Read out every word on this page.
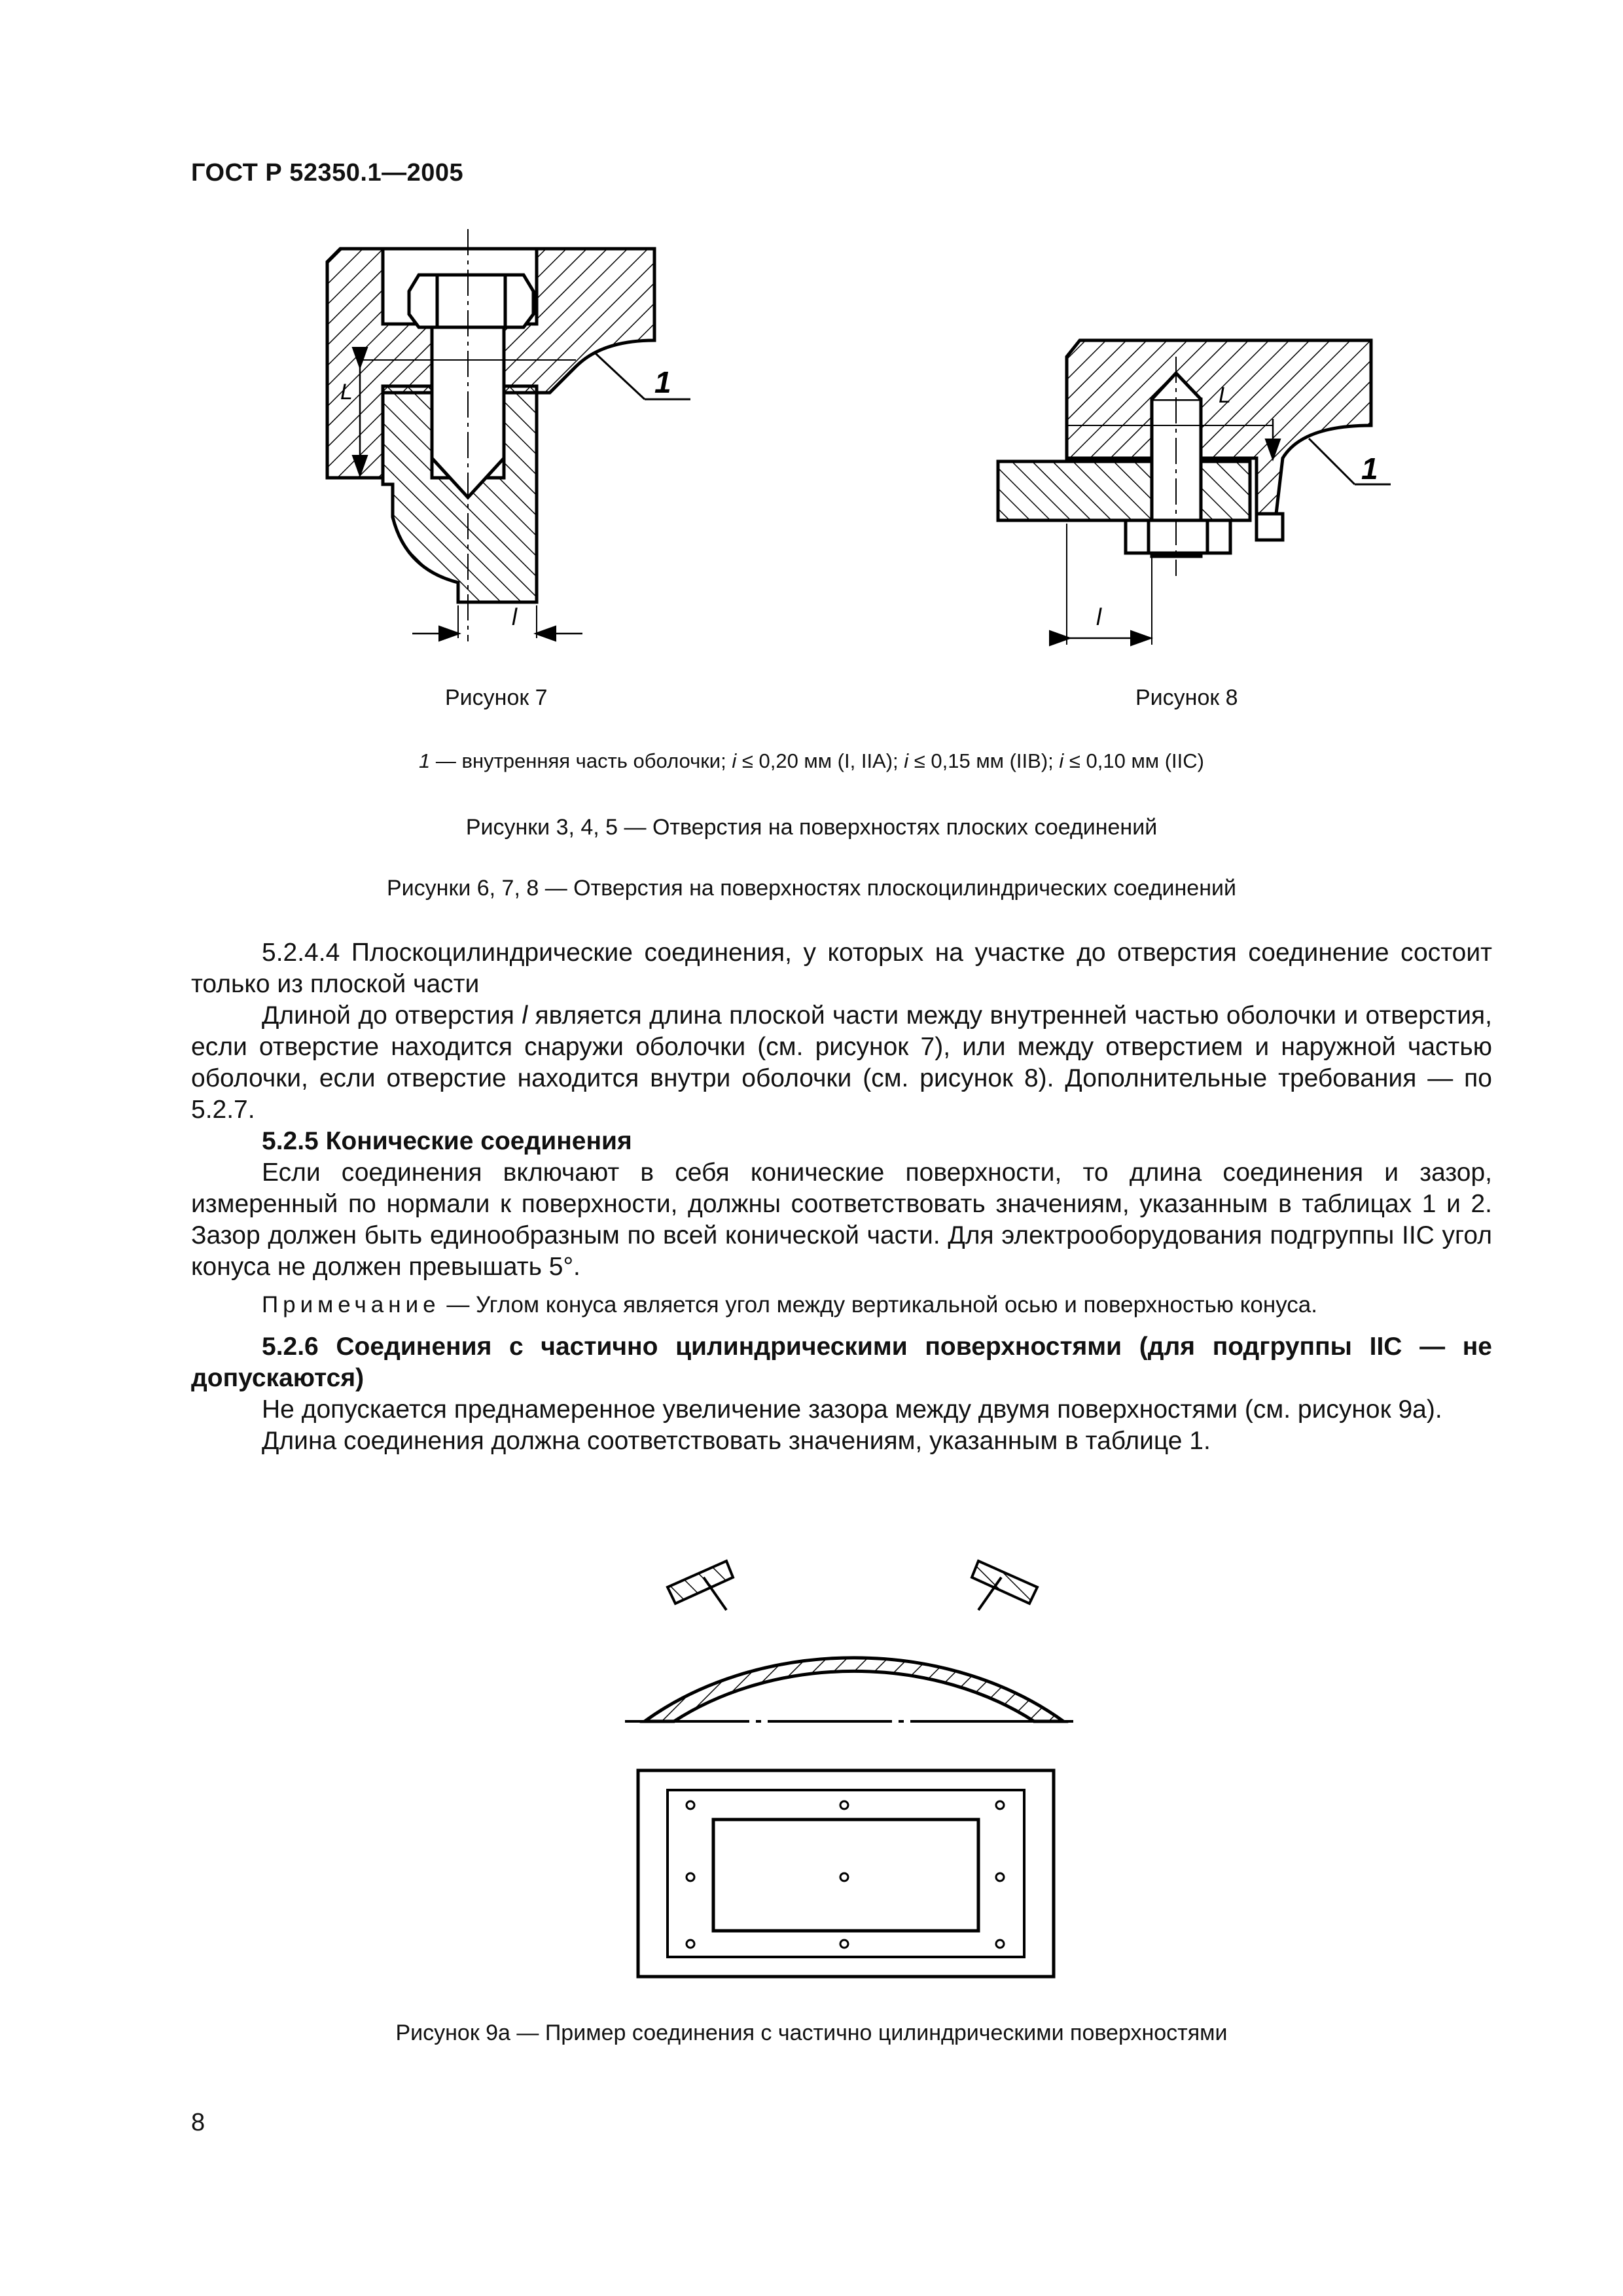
ГОСТ Р 52350.1—2005
L
l
1	L
l
1
Рисунок 7	Рисунок 8
1 — внутренняя часть оболочки; i ≤ 0,20 мм (I, IIA); i ≤ 0,15 мм (IIB); i ≤ 0,10 мм (IIC)
Рисунки 3, 4, 5 — Отверстия на поверхностях плоских соединений
Рисунки 6, 7, 8 — Отверстия на поверхностях плоскоцилиндрических соединений

5.2.4.4 Плоскоцилиндрические соединения, у которых на участке до отверстия соединение состоит только из плоской части

Длиной до отверстия l является длина плоской части между внутренней частью оболочки и отверстия, если отверстие находится снаружи оболочки (см. рисунок 7), или между отверстием и наружной частью оболочки, если отверстие находится внутри оболочки (см. рисунок 8). Дополнительные требования — по 5.2.7.

5.2.5 Конические соединения

Если соединения включают в себя конические поверхности, то длина соединения и зазор, измеренный по нормали к поверхности, должны соответствовать значениям, указанным в таблицах 1 и 2. Зазор должен быть единообразным по всей конической части. Для электрооборудования подгруппы IIC угол конуса не должен превышать 5°.

Примечание — Углом конуса является угол между вертикальной осью и поверхностью конуса.

5.2.6 Соединения с частично цилиндрическими поверхностями (для подгруппы IIC — не допускаются)

Не допускается преднамеренное увеличение зазора между двумя поверхностями (см. рисунок 9а).

Длина соединения должна соответствовать значениям, указанным в таблице 1.

Рисунок 9а — Пример соединения с частично цилиндрическими поверхностями
8
